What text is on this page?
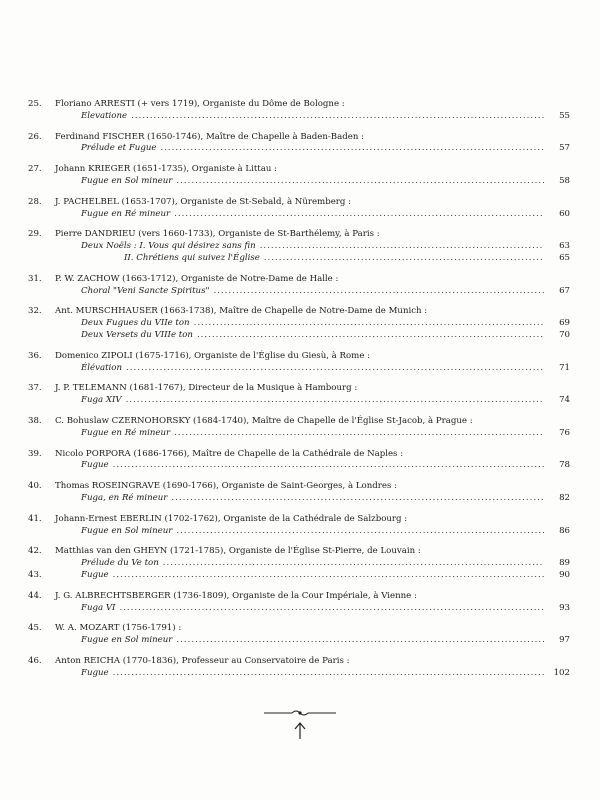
25.	Floriano ARRESTI (+ vers 1719), Organiste du Dôme de Bologne :
Elevatione .....	55
26.	Ferdinand FISCHER (1650-1746), Maître de Chapelle à Baden-Baden :
Prélude et Fugue .....	57
27.	Johann KRIEGER (1651-1735), Organiste à Littau :
Fugue en Sol mineur .....	58
28.	J. PACHELBEL (1653-1707), Organiste de St-Sebald, à Nüremberg :
Fugue en Ré mineur .....	60
29.	Pierre DANDRIEU (vers 1660-1733), Organiste de St-Barthélemy, à Paris :
Deux Noëls : I. Vous qui désirez sans fin .....	63
II. Chrétiens qui suivez l'Église .....	65
31.	P. W. ZACHOW (1663-1712), Organiste de Notre-Dame de Halle :
Choral "Veni Sancte Spiritus" .....	67
32.	Ant. MURSCHHAUSER (1663-1738), Maître de Chapelle de Notre-Dame de Munich :
Deux Fugues du VIIe ton .....	69
Deux Versets du VIIIe ton .....	70
36.	Domenico ZIPOLI (1675-1716), Organiste de l'Église du Giesù, à Rome :
Élévation .....	71
37.	J. P. TELEMANN (1681-1767), Directeur de la Musique à Hambourg :
Fuga XIV .....	74
38.	C. Bohuslaw CZERNOHORSKY (1684-1740), Maître de Chapelle de l'Église St-Jacob, à Prague :
Fugue en Ré mineur .....	76
39.	Nicolo PORPORA (1686-1766), Maître de Chapelle de la Cathédrale de Naples :
Fugue .....	78
40.	Thomas ROSEINGRAVE (1690-1766), Organiste de Saint-Georges, à Londres :
Fuga, en Ré mineur .....	82
41.	Johann-Ernest EBERLIN (1702-1762), Organiste de la Cathédrale de Salzbourg :
Fugue en Sol mineur .....	86
42.	Matthias van den GHEYN (1721-1785), Organiste de l'Église St-Pierre, de Louvain :
Prélude du Ve ton .....	89
43.	Fugue .....	90
44.	J. G. ALBRECHTSBERGER (1736-1809), Organiste de la Cour Impériale, à Vienne :
Fuga VI .....	93
45.	W. A. MOZART (1756-1791) :
Fugue en Sol mineur .....	97
46.	Anton REICHA (1770-1836), Professeur au Conservatoire de Paris :
Fugue .....	102
